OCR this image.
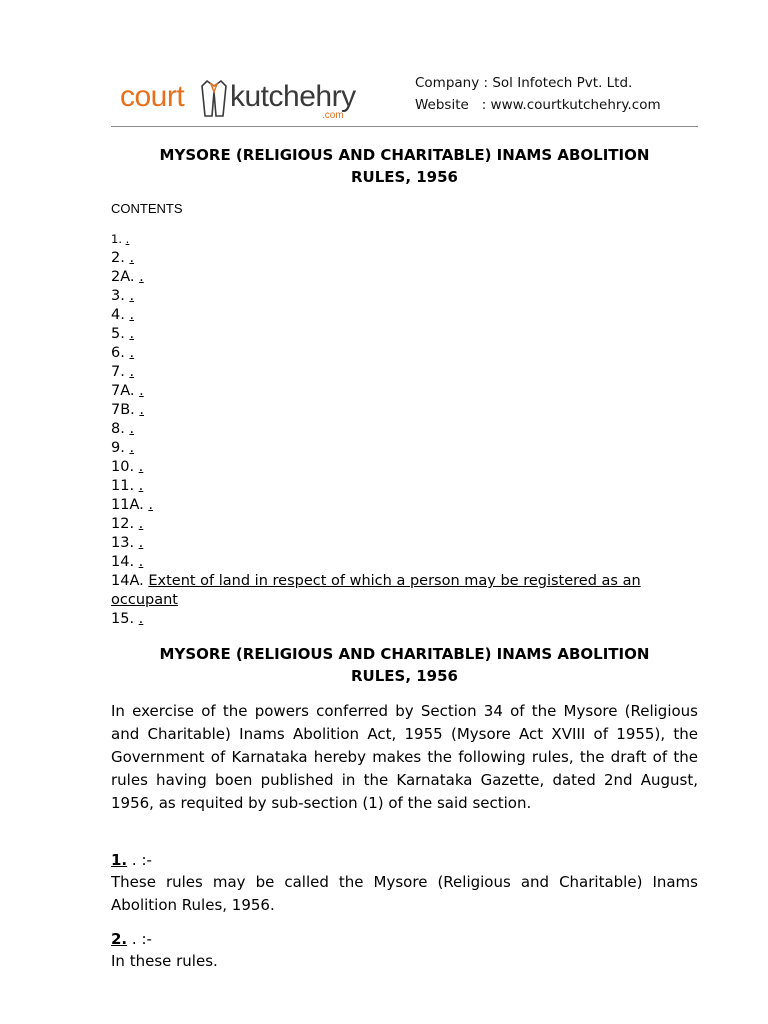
court kutchehry
.com
Company : Sol Infotech Pvt. Ltd.
Website   : www.courtkutchehry.com
MYSORE (RELIGIOUS AND CHARITABLE) INAMS ABOLITION
RULES, 1956
CONTENTS
1. .
2. .
2A. .
3. .
4. .
5. .
6. .
7. .
7A. .
7B. .
8. .
9. .
10. .
11. .
11A. .
12. .
13. .
14. .
14A. Extent of land in respect of which a person may be registered as an occupant
15. .
MYSORE (RELIGIOUS AND CHARITABLE) INAMS ABOLITION
RULES, 1956
In exercise of the powers conferred by Section 34 of the Mysore (Religious and Charitable) Inams Abolition Act, 1955 (Mysore Act XVIII of 1955), the Government of Karnataka hereby makes the following rules, the draft of the rules having boen published in the Karnataka Gazette, dated 2nd August, 1956, as requited by sub-section (1) of the said section.
1. . :-
These rules may be called the Mysore (Religious and Charitable) Inams Abolition Rules, 1956.
2. . :-
In these rules.
